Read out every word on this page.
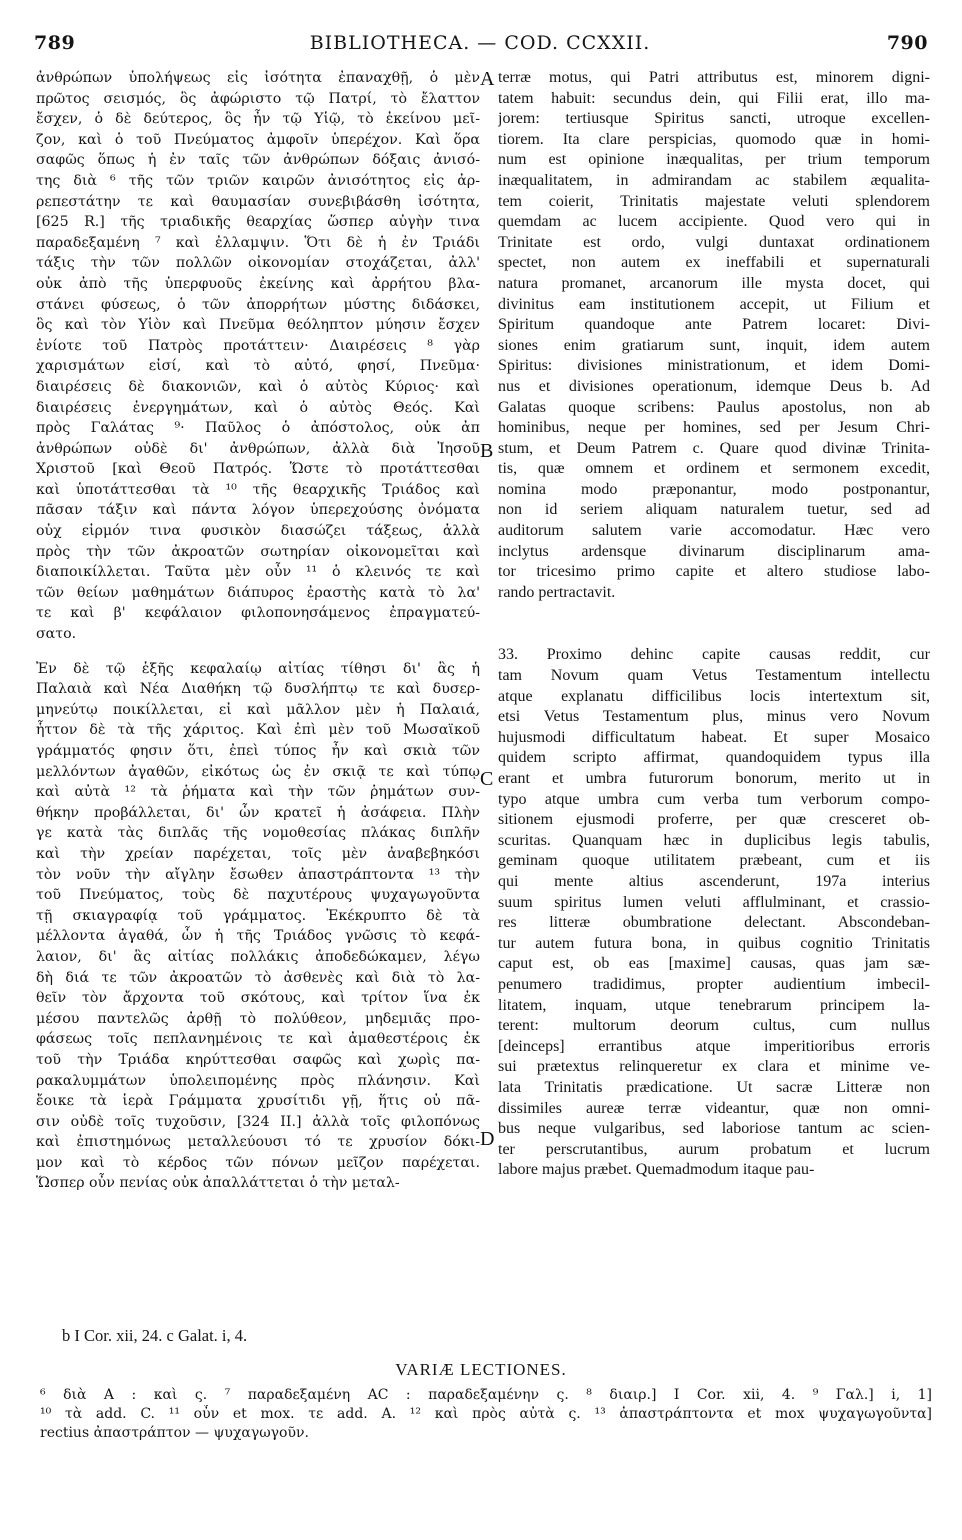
789	BIBLIOTHECA. — COD. CCXXII.	790
ἀνθρώπων ὑπολήψεως εἰς ἰσότητα ἐπαναχθῇ, ὁ μὲν
πρῶτος σεισμός, ὃς ἀφώριστο τῷ Πατρί, τὸ ἔλαττον
ἔσχεν, ὁ δὲ δεύτερος, ὃς ἦν τῷ Υἱῷ, τὸ ἐκείνου μεῖ-
ζον, καὶ ὁ τοῦ Πνεύματος ἀμφοῖν ὑπερέχον. Καὶ ὅρα
σαφῶς ὅπως ἡ ἐν ταῖς τῶν ἀνθρώπων δόξαις ἀνισό-
της διὰ ⁶ τῆς τῶν τριῶν καιρῶν ἀνισότητος εἰς ἀρ-
ρεπεστάτην τε καὶ θαυμασίαν συνεβιβάσθη ἰσότητα,
[625 R.] τῆς τριαδικῆς θεαρχίας ὥσπερ αὐγὴν τινα
παραδεξαμένη ⁷ καὶ ἐλλαμψιν. Ὅτι δὲ ἡ ἐν Τριάδι
τάξις τὴν τῶν πολλῶν οἰκονομίαν στοχάζεται, ἀλλ'
οὐκ ἀπὸ τῆς ὑπερφυοῦς ἐκείνης καὶ ἀρρήτου βλα-
στάνει φύσεως, ὁ τῶν ἀπορρήτων μύστης διδάσκει,
ὃς καὶ τὸν Υἱὸν καὶ Πνεῦμα θεόληπτον μύησιν ἔσχεν
ἐνίοτε τοῦ Πατρὸς προτάττειν· Διαιρέσεις ⁸ γὰρ
χαρισμάτων εἰσί, καὶ τὸ αὐτό, φησί, Πνεῦμα·
διαιρέσεις δὲ διακονιῶν, καὶ ὁ αὐτὸς Κύριος· καὶ
διαιρέσεις ἐνεργημάτων, καὶ ὁ αὐτὸς Θεός. Καὶ
πρὸς Γαλάτας ⁹· Παῦλος ὁ ἀπόστολος, οὐκ ἀπ
ἀνθρώπων οὐδὲ δι' ἀνθρώπων, ἀλλὰ διὰ Ἰησοῦ
Χριστοῦ [καὶ Θεοῦ Πατρός. Ὥστε τὸ προτάττεσθαι
καὶ ὑποτάττεσθαι τὰ ¹⁰ τῆς θεαρχικῆς Τριάδος καὶ
πᾶσαν τάξιν καὶ πάντα λόγον ὑπερεχούσης ὀνόματα
οὐχ εἱρμόν τινα φυσικὸν διασώζει τάξεως, ἀλλὰ
πρὸς τὴν τῶν ἀκροατῶν σωτηρίαν οἰκονομεῖται καὶ
διαποικίλλεται. Ταῦτα μὲν οὖν ¹¹ ὁ κλεινός τε καὶ
τῶν θείων μαθημάτων διάπυρος ἐραστὴς κατὰ τὸ λα'
τε καὶ β' κεφάλαιον φιλοπονησάμενος ἐπραγματεύ-
σατο.
Ἐν δὲ τῷ ἑξῆς κεφαλαίῳ αἰτίας τίθησι δι' ἃς ἡ
Παλαιὰ καὶ Νέα Διαθήκη τῷ δυσλήπτῳ τε καὶ δυσερ-
μηνεύτῳ ποικίλλεται, εἰ καὶ μᾶλλον μὲν ἡ Παλαιά,
ἧττον δὲ τὰ τῆς χάριτος. Καὶ ἐπὶ μὲν τοῦ Μωσαϊκοῦ
γράμματός φησιν ὅτι, ἐπεὶ τύπος ἦν καὶ σκιὰ τῶν
μελλόντων ἀγαθῶν, εἰκότως ὡς ἐν σκιᾷ τε καὶ τύπῳ
καὶ αὐτὰ ¹² τὰ ῥήματα καὶ τὴν τῶν ῥημάτων συν-
θήκην προβάλλεται, δι' ὧν κρατεῖ ἡ ἀσάφεια. Πλὴν
γε κατὰ τὰς διπλᾶς τῆς νομοθεσίας πλάκας διπλῆν
καὶ τὴν χρείαν παρέχεται, τοῖς μὲν ἀναβεβηκόσι
τὸν νοῦν τὴν αἴγλην ἔσωθεν ἀπαστράπτοντα ¹³ τὴν
τοῦ Πνεύματος, τοὺς δὲ παχυτέρους ψυχαγωγοῦντα
τῇ σκιαγραφίᾳ τοῦ γράμματος. Ἐκέκρυπτο δὲ τὰ
μέλλοντα ἀγαθά, ὧν ἡ τῆς Τριάδος γνῶσις τὸ κεφά-
λαιον, δι' ἃς αἰτίας πολλάκις ἀποδεδώκαμεν, λέγω
δὴ διά τε τῶν ἀκροατῶν τὸ ἀσθενὲς καὶ διὰ τὸ λα-
θεῖν τὸν ἄρχοντα τοῦ σκότους, καὶ τρίτον ἵνα ἐκ
μέσου παντελῶς ἀρθῇ τὸ πολύθεον, μηδεμιᾶς προ-
φάσεως τοῖς πεπλανημένοις τε καὶ ἀμαθεστέροις ἐκ
τοῦ τὴν Τριάδα κηρύττεσθαι σαφῶς καὶ χωρὶς πα-
ρακαλυμμάτων ὑπολειπομένης πρὸς πλάνησιν. Καὶ
ἔοικε τὰ ἱερὰ Γράμματα χρυσίτιδι γῇ, ἥτις οὐ πᾶ-
σιν οὐδὲ τοῖς τυχοῦσιν, [324 II.] ἀλλὰ τοῖς φιλοπόνως
καὶ ἐπιστημόνως μεταλλεύουσι τό τε χρυσίον δόκι-
μον καὶ τὸ κέρδος τῶν πόνων μεῖζον παρέχεται.
Ὥσπερ οὖν πενίας οὐκ ἀπαλλάττεται ὁ τὴν μεταλ-
terræ motus, qui Patri attributus est, minorem digni-
tatem habuit: secundus dein, qui Filii erat, illo ma-
jorem: tertiusque Spiritus sancti, utroque excellen-
tiorem. Ita clare perspicias, quomodo quæ in homi-
num est opinione inæqualitas, per trium temporum
inæqualitatem, in admirandam ac stabilem æqualita-
tem coierit, Trinitatis majestate veluti splendorem
quemdam ac lucem accipiente. Quod vero qui in
Trinitate est ordo, vulgi duntaxat ordinationem
spectet, non autem ex ineffabili et supernaturali
natura promanet, arcanorum ille mysta docet, qui
divinitus eam institutionem accepit, ut Filium et
Spiritum quandoque ante Patrem locaret: Divi-
siones enim gratiarum sunt, inquit, idem autem
Spiritus: divisiones ministrationum, et idem Domi-
nus et divisiones operationum, idemque Deus b. Ad
Galatas quoque scribens: Paulus apostolus, non ab
hominibus, neque per homines, sed per Jesum Chri-
stum, et Deum Patrem c. Quare quod divinæ Trinita-
tis, quæ omnem et ordinem et sermonem excedit,
nomina modo præponantur, modo postponantur,
non id seriem aliquam naturalem tuetur, sed ad
auditorum salutem varie accomodatur. Hæc vero
inclytus ardensque divinarum disciplinarum ama-
tor tricesimo primo capite et altero studiose labo-
rando pertractavit.
33. Proximo dehinc capite causas reddit, cur
tam Novum quam Vetus Testamentum intellectu
atque explanatu difficilibus locis intertextum sit,
etsi Vetus Testamentum plus, minus vero Novum
hujusmodi difficultatum habeat. Et super Mosaico
quidem scripto affirmat, quandoquidem typus illa
erant et umbra futurorum bonorum, merito ut in
typo atque umbra cum verba tum verborum compo-
sitionem ejusmodi proferre, per quæ cresceret ob-
scuritas. Quanquam hæc in duplicibus legis tabulis,
geminam quoque utilitatem præbeant, cum et iis
qui mente altius ascenderunt, 197a interius
suum spiritus lumen veluti afflulminant, et crassio-
res litteræ obumbratione delectant. Abscondeban-
tur autem futura bona, in quibus cognitio Trinitatis
caput est, ob eas [maxime] causas, quas jam sæ-
penumero tradidimus, propter audientium imbecil-
litatem, inquam, utque tenebrarum principem la-
terent: multorum deorum cultus, cum nullus
[deinceps] errantibus atque imperitioribus erroris
sui prætextus relinqueretur ex clara et minime ve-
lata Trinitatis prædicatione. Ut sacræ Litteræ non
dissimiles aureæ terræ videantur, quæ non omni-
bus neque vulgaribus, sed laboriose tantum ac scien-
ter perscrutantibus, aurum probatum et lucrum
labore majus præbet. Quemadmodum itaque pau-
A
B
C
D
b I Cor. xii, 24. c Galat. i, 4.
VARIÆ LECTIONES.
⁶ διὰ A : καὶ ς. ⁷ παραδεξαμένη AC : παραδεξαμένην ς. ⁸ διαιρ.] I Cor. xii, 4. ⁹ Γαλ.] i, 1]
¹⁰ τὰ add. C. ¹¹ οὖν et mox. τε add. A. ¹² καὶ πρὸς αὐτὰ ς. ¹³ ἀπαστράπτοντα et mox ψυχαγωγοῦντα]
rectius ἀπαστράπτον — ψυχαγωγοῦν.
